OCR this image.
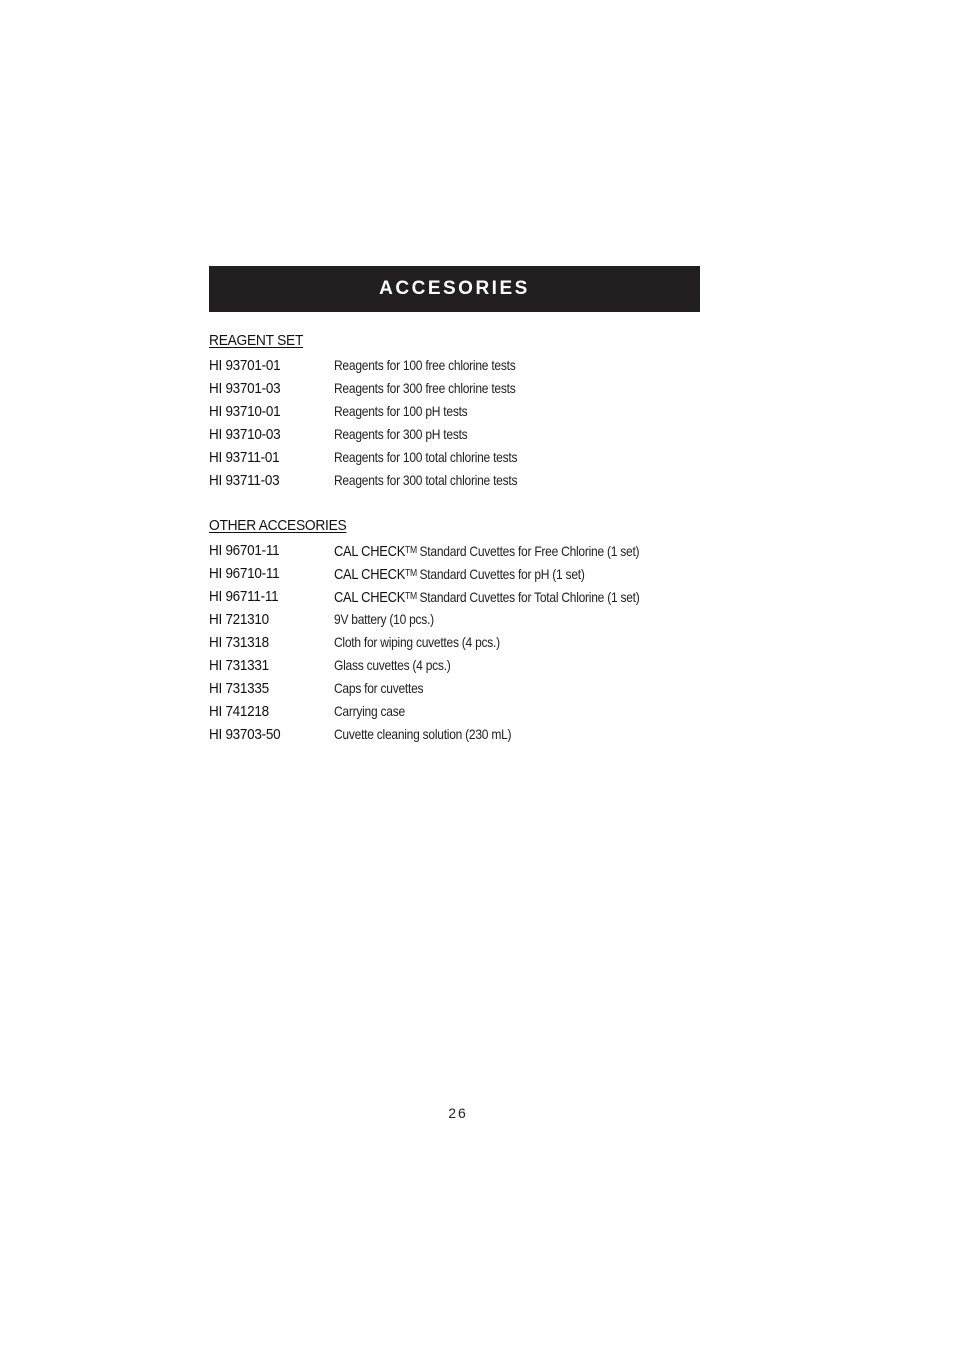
ACCESORIES
REAGENT SET
HI 93701-01	Reagents for 100 free chlorine tests
HI 93701-03	Reagents for 300 free chlorine tests
HI 93710-01	Reagents for 100 pH tests
HI 93710-03	Reagents for 300 pH tests
HI 93711-01	Reagents for 100 total chlorine tests
HI 93711-03	Reagents for 300 total chlorine tests
OTHER ACCESORIES
HI 96701-11	CAL CHECK™ Standard Cuvettes for Free Chlorine (1 set)
HI 96710-11	CAL CHECK™ Standard Cuvettes for pH (1 set)
HI 96711-11	CAL CHECK™ Standard Cuvettes for Total Chlorine (1 set)
HI 721310	9V battery (10 pcs.)
HI 731318	Cloth for wiping cuvettes (4 pcs.)
HI 731331	Glass cuvettes (4 pcs.)
HI 731335	Caps for cuvettes
HI 741218	Carrying case
HI 93703-50	Cuvette cleaning solution (230 mL)
26
